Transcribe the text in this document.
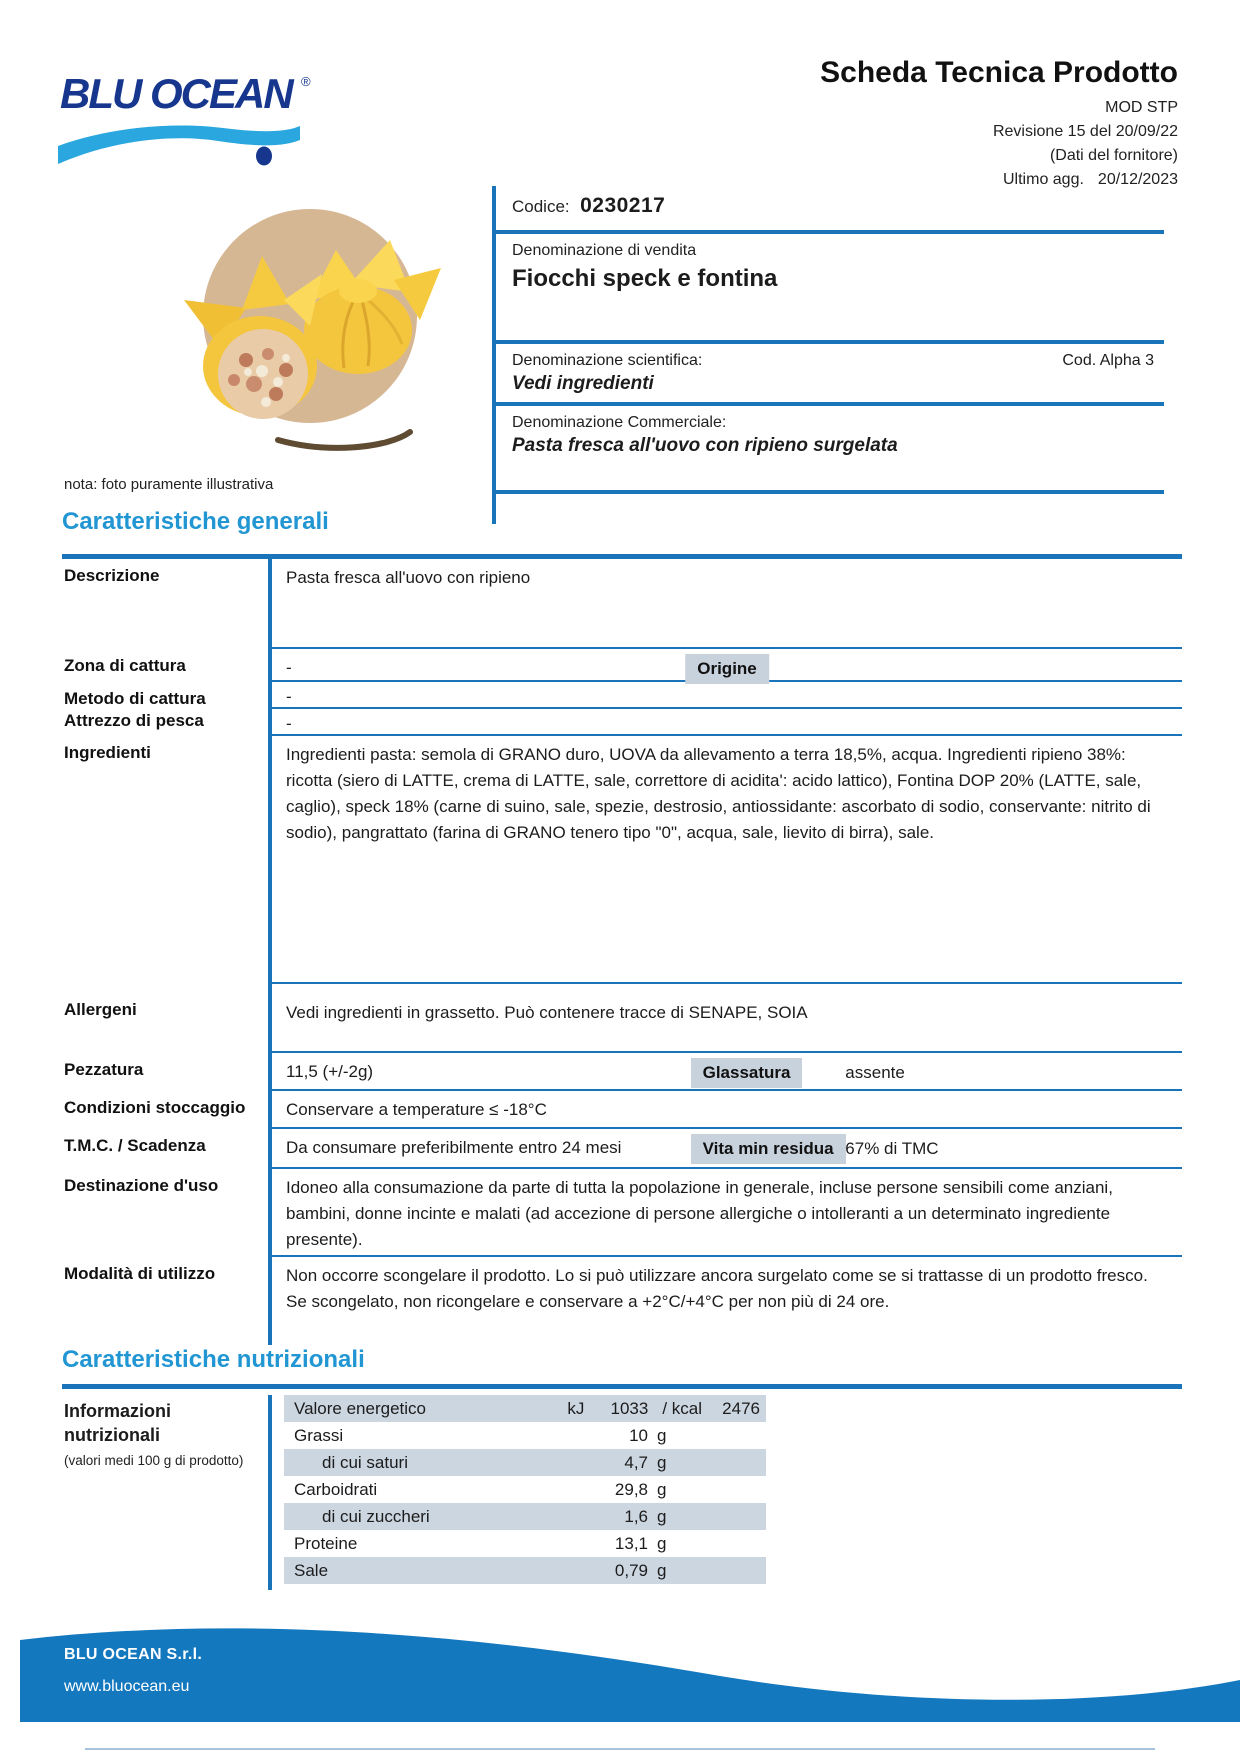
BLU OCEAN ®	Scheda Tecnica Prodotto
MOD STP
Revisione 15 del 20/09/22
(Dati del fornitore)
Ultimo agg. 20/12/2023
nota: foto puramente illustrativa
Codice: 0230217
Denominazione di vendita
Fiocchi speck e fontina
Denominazione scientifica:	Cod. Alpha 3
Vedi ingredienti
Denominazione Commerciale:
Pasta fresca all'uovo con ripieno surgelata
Caratteristiche generali
Descrizione	Pasta fresca all'uovo con ripieno
Zona di cattura	-	Origine
Metodo di cattura	-
Attrezzo di pesca	-
Ingredienti	Ingredienti pasta: semola di GRANO duro, UOVA da allevamento a terra 18,5%, acqua. Ingredienti ripieno 38%: ricotta (siero di LATTE, crema di LATTE, sale, correttore di acidita': acido lattico), Fontina DOP 20% (LATTE, sale, caglio), speck 18% (carne di suino, sale, spezie, destrosio, antiossidante: ascorbato di sodio, conservante: nitrito di sodio), pangrattato (farina di GRANO tenero tipo "0", acqua, sale, lievito di birra), sale.
Allergeni	Vedi ingredienti in grassetto. Può contenere tracce di SENAPE, SOIA
Pezzatura	11,5 (+/-2g)	Glassatura	assente
Condizioni stoccaggio	Conservare a temperature ≤ -18°C
T.M.C. / Scadenza	Da consumare preferibilmente entro 24 mesi	Vita min residua 67% di TMC
Destinazione d'uso	Idoneo alla consumazione da parte di tutta la popolazione in generale, incluse persone sensibili come anziani, bambini, donne incinte e malati (ad accezione di persone allergiche o intolleranti a un determinato ingrediente presente).
Modalità di utilizzo	Non occorre scongelare il prodotto. Lo si può utilizzare ancora surgelato come se si trattasse di un prodotto fresco. Se scongelato, non ricongelare e conservare a +2°C/+4°C per non più di 24 ore.
Caratteristiche nutrizionali
Informazioni nutrizionali
(valori medi 100 g di prodotto)
Valore energetico	kJ	1033 / kcal	2476
Grassi	10 g
di cui saturi	4,7 g
Carboidrati	29,8 g
di cui zuccheri	1,6 g
Proteine	13,1 g
Sale	0,79 g
BLU OCEAN S.r.l.
www.bluocean.eu
